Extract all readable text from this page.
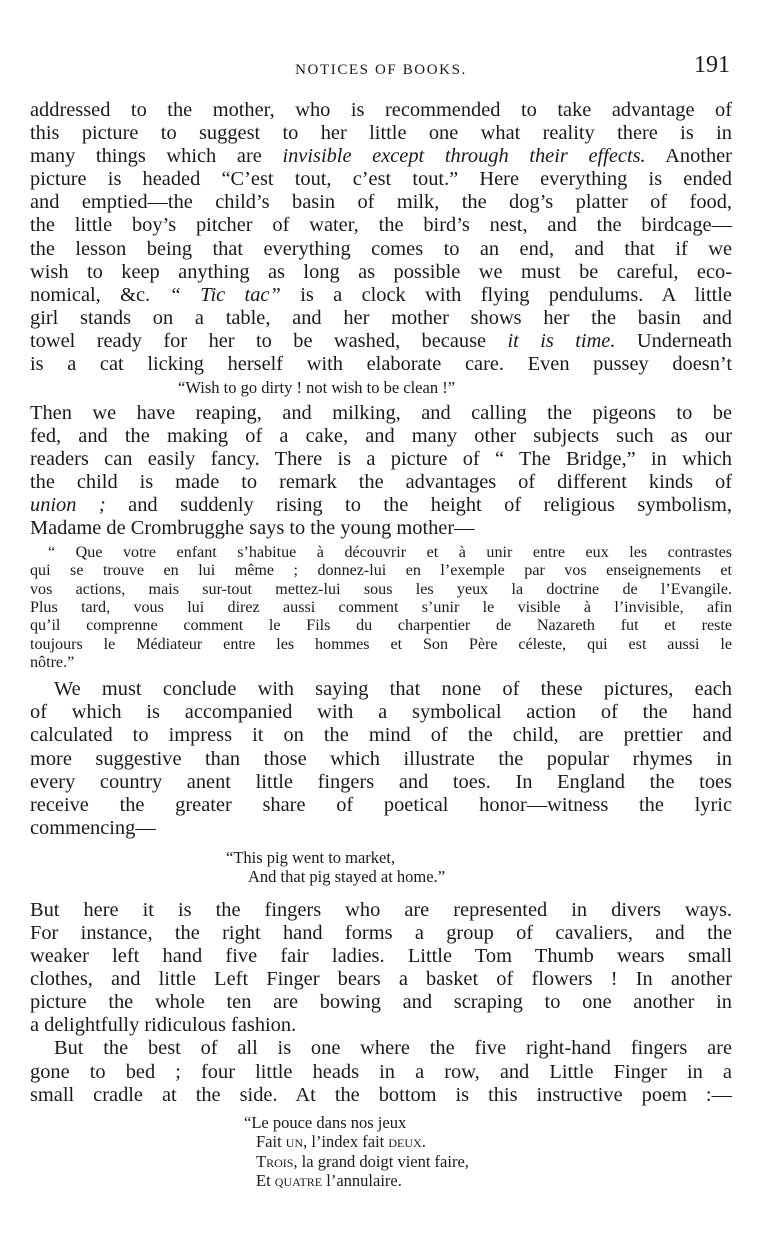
NOTICES OF BOOKS.	191
addressed to the mother, who is recommended to take advantage of
this picture to suggest to her little one what reality there is in
many things which are invisible except through their effects. Another
picture is headed “C’est tout, c’est tout.” Here everything is ended
and emptied—the child’s basin of milk, the dog’s platter of food,
the little boy’s pitcher of water, the bird’s nest, and the birdcage—
the lesson being that everything comes to an end, and that if we
wish to keep anything as long as possible we must be careful, eco-
nomical, &c. “ Tic tac” is a clock with flying pendulums. A little
girl stands on a table, and her mother shows her the basin and
towel ready for her to be washed, because it is time. Underneath
is a cat licking herself with elaborate care. Even pussey doesn’t
“Wish to go dirty ! not wish to be clean !”
Then we have reaping, and milking, and calling the pigeons to be
fed, and the making of a cake, and many other subjects such as our
readers can easily fancy. There is a picture of “ The Bridge,” in which
the child is made to remark the advantages of different kinds of
union ; and suddenly rising to the height of religious symbolism,
Madame de Crombrugghe says to the young mother—
“ Que votre enfant s’habitue à découvrir et à unir entre eux les contrastes
qui se trouve en lui même ; donnez-lui en l’exemple par vos enseignements et
vos actions, mais sur-tout mettez-lui sous les yeux la doctrine de l’Evangile.
Plus tard, vous lui direz aussi comment s’unir le visible à l’invisible, afin
qu’il comprenne comment le Fils du charpentier de Nazareth fut et reste
toujours le Médiateur entre les hommes et Son Père céleste, qui est aussi le
nôtre.”
We must conclude with saying that none of these pictures, each
of which is accompanied with a symbolical action of the hand
calculated to impress it on the mind of the child, are prettier and
more suggestive than those which illustrate the popular rhymes in
every country anent little fingers and toes. In England the toes
receive the greater share of poetical honor—witness the lyric
commencing—
“This pig went to market,
And that pig stayed at home.”
But here it is the fingers who are represented in divers ways.
For instance, the right hand forms a group of cavaliers, and the
weaker left hand five fair ladies. Little Tom Thumb wears small
clothes, and little Left Finger bears a basket of flowers ! In another
picture the whole ten are bowing and scraping to one another in
a delightfully ridiculous fashion.
But the best of all is one where the five right-hand fingers are
gone to bed ; four little heads in a row, and Little Finger in a
small cradle at the side. At the bottom is this instructive poem :—
“Le pouce dans nos jeux
Fait un, l’index fait deux.
Trois, la grand doigt vient faire,
Et quatre l’annulaire.
